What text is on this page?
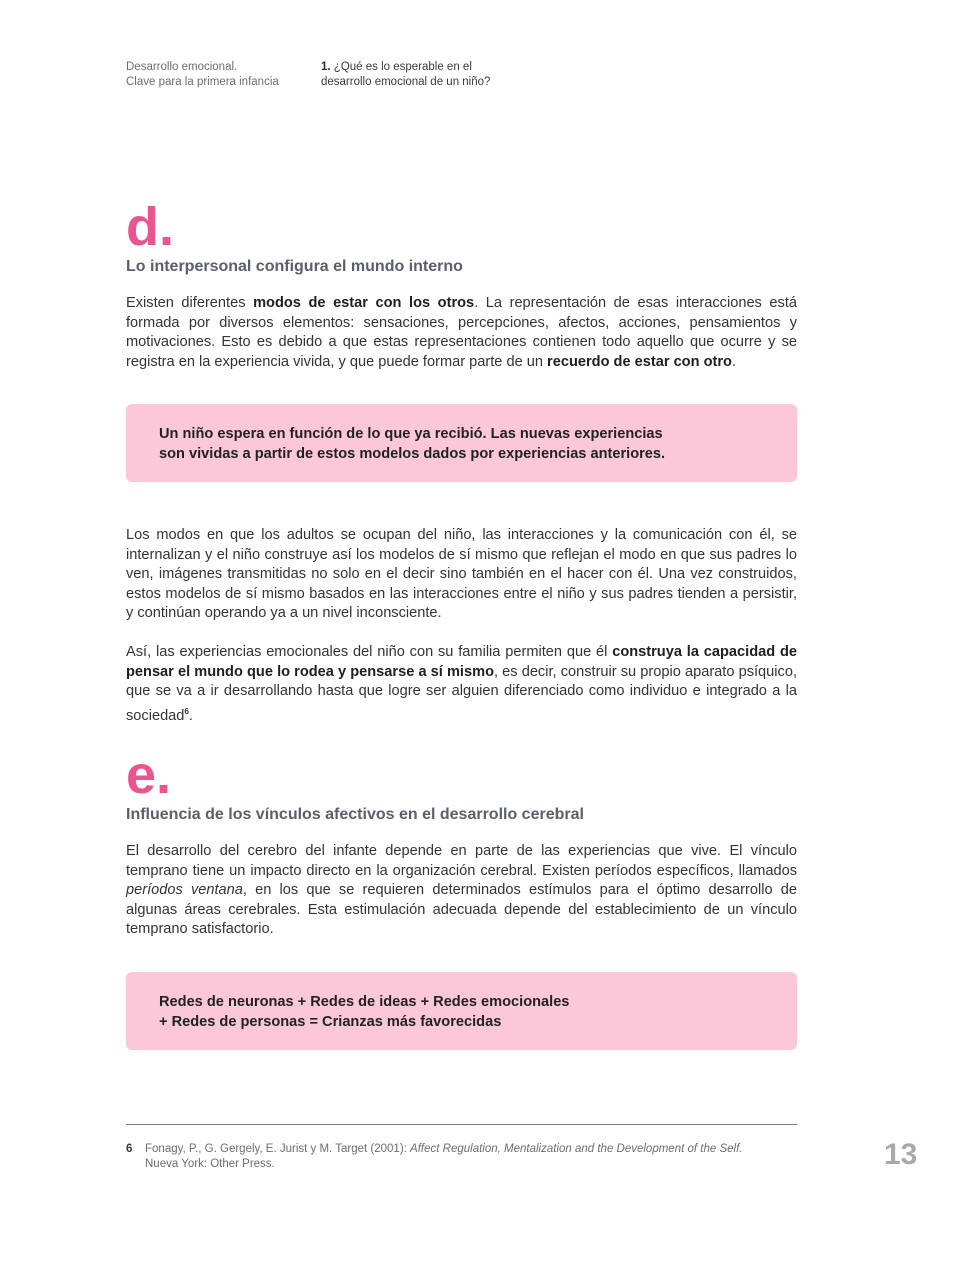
Desarrollo emocional.
Clave para la primera infancia
1. ¿Qué es lo esperable en el
desarrollo emocional de un niño?
d.
Lo interpersonal configura el mundo interno

Existen diferentes modos de estar con los otros. La representación de esas interacciones está formada por diversos elementos: sensaciones, percepciones, afectos, acciones, pensamientos y motivaciones. Esto es debido a que estas representaciones contienen todo aquello que ocurre y se registra en la experiencia vivida, y que puede formar parte de un recuerdo de estar con otro.

Un niño espera en función de lo que ya recibió. Las nuevas experiencias
son vividas a partir de estos modelos dados por experiencias anteriores.

Los modos en que los adultos se ocupan del niño, las interacciones y la comunicación con él, se internalizan y el niño construye así los modelos de sí mismo que reflejan el modo en que sus padres lo ven, imágenes transmitidas no solo en el decir sino también en el hacer con él. Una vez construidos, estos modelos de sí mismo basados en las interacciones entre el niño y sus padres tienden a persistir, y continúan operando ya a un nivel inconsciente.

Así, las experiencias emocionales del niño con su familia permiten que él construya la capacidad de pensar el mundo que lo rodea y pensarse a sí mismo, es decir, construir su propio aparato psíquico, que se va a ir desarrollando hasta que logre ser alguien diferenciado como individuo e integrado a la sociedad$^6$.

e.
Influencia de los vínculos afectivos en el desarrollo cerebral

El desarrollo del cerebro del infante depende en parte de las experiencias que vive. El vínculo temprano tiene un impacto directo en la organización cerebral. Existen períodos específicos, llamados períodos ventana, en los que se requieren determinados estímulos para el óptimo desarrollo de algunas áreas cerebrales. Esta estimulación adecuada depende del establecimiento de un vínculo temprano satisfactorio.

Redes de neuronas + Redes de ideas + Redes emocionales
+ Redes de personas = Crianzas más favorecidas
6 Fonagy, P., G. Gergely, E. Jurist y M. Target (2001): Affect Regulation, Mentalization and the Development of the Self.
Nueva York: Other Press.	13
